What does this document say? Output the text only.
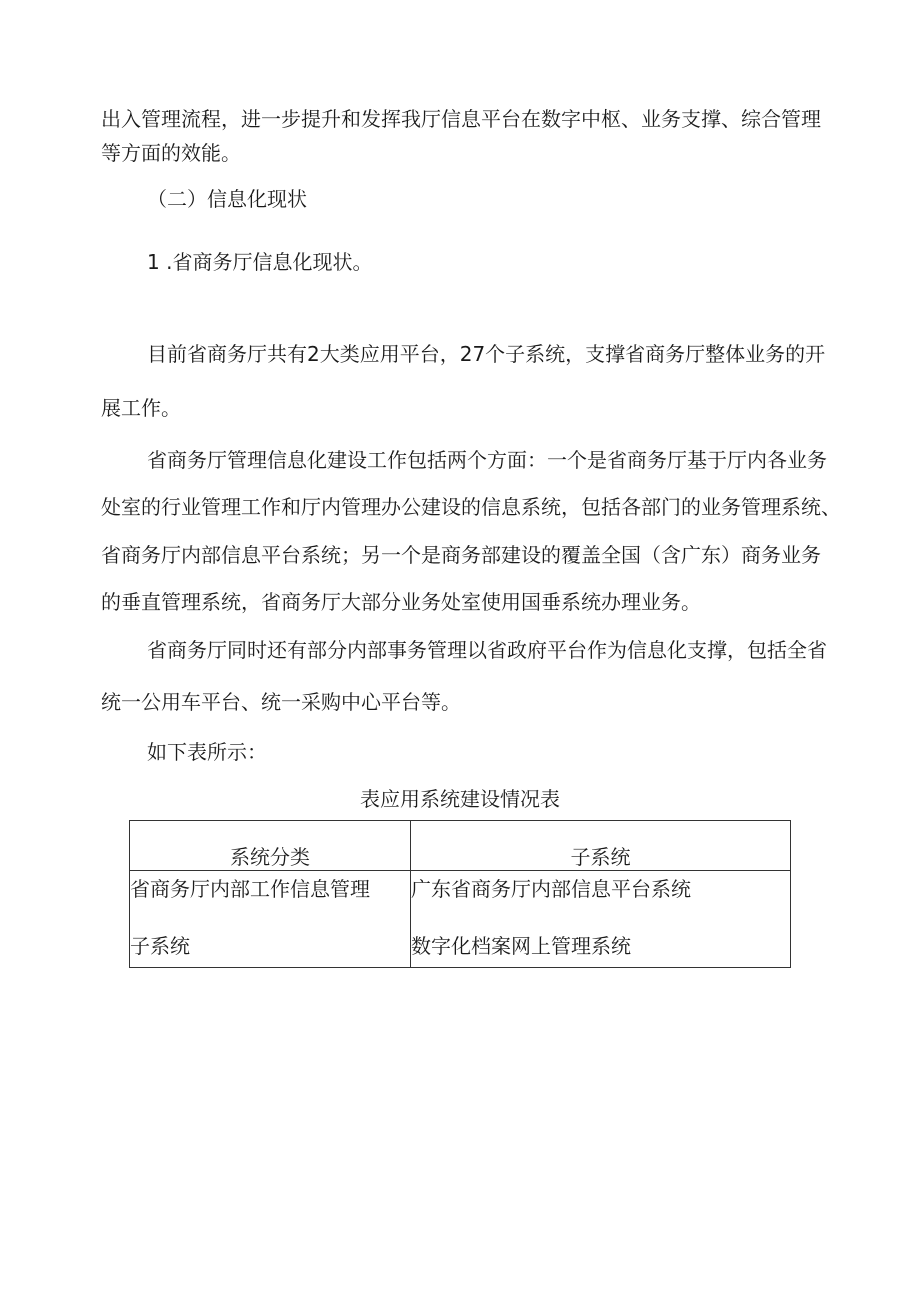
出入管理流程，进一步提升和发挥我厅信息平台在数字中枢、业务支撑、综合管理

等方面的效能。

（二）信息化现状

1 .省商务厅信息化现状。

目前省商务厅共有2大类应用平台，27个子系统，支撑省商务厅整体业务的开

展工作。

省商务厅管理信息化建设工作包括两个方面：一个是省商务厅基于厅内各业务

处室的行业管理工作和厅内管理办公建设的信息系统，包括各部门的业务管理系统、

省商务厅内部信息平台系统；另一个是商务部建设的覆盖全国（含广东）商务业务

的垂直管理系统，省商务厅大部分业务处室使用国垂系统办理业务。

省商务厅同时还有部分内部事务管理以省政府平台作为信息化支撑，包括全省

统一公用车平台、统一采购中心平台等。

如下表所示：

表应用系统建设情况表
系统分类	子系统

省商务厅内部工作信息管理
子系统	广东省商务厅内部信息平台系统
数字化档案网上管理系统
